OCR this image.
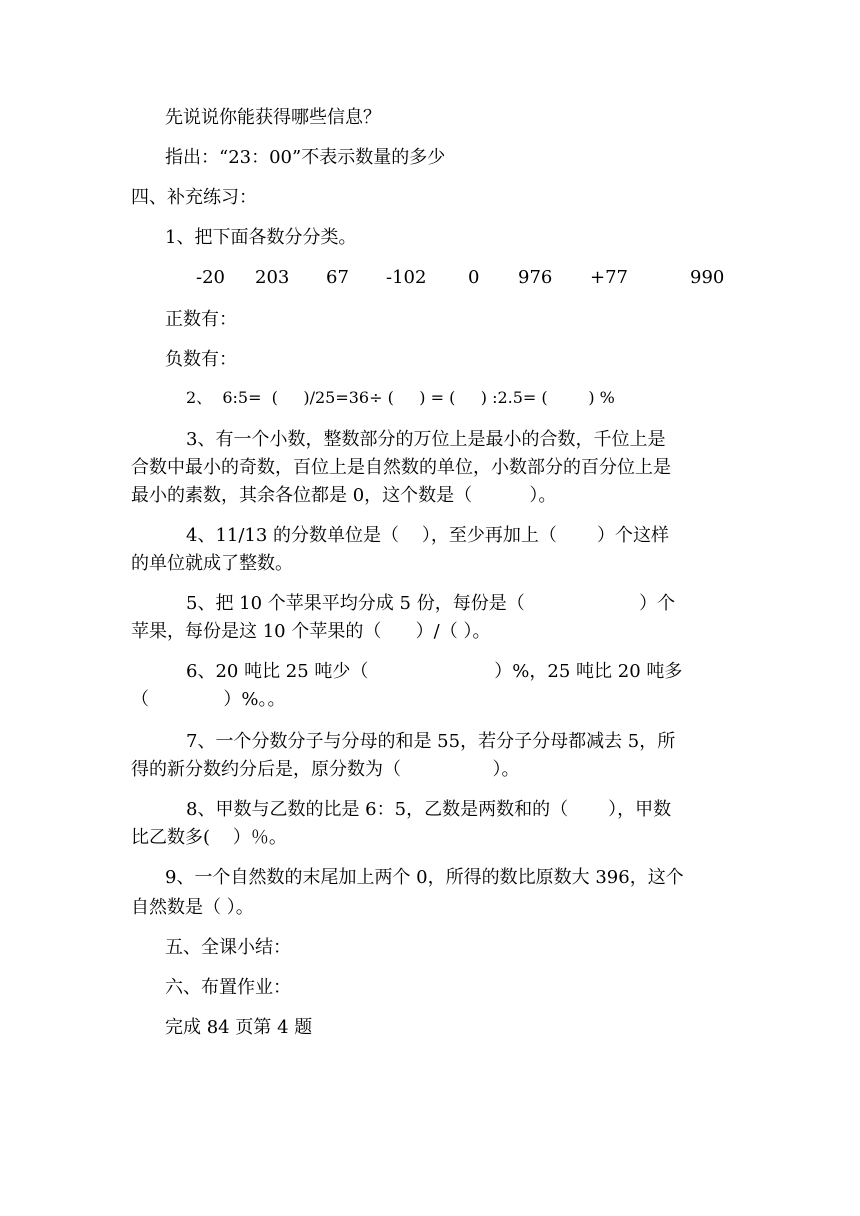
先说说你能获得哪些信息？
指出：“23：00”不表示数量的多少
四、补充练习：
1、把下面各数分分类。
-20 203 67 -102 0 976 +77	990
正数有：
负数有：
2、  6:5=  (     )/25=36÷ (     ) = (     ) :2.5= (        ) %
3、有一个小数，整数部分的万位上是最小的合数，千位上是
合数中最小的奇数，百位上是自然数的单位，小数部分的百分位上是
最小的素数，其余各位都是 0，这个数是（          ）。
4、11/13 的分数单位是（    ），至少再加上（       ）个这样
的单位就成了整数。
5、把 10 个苹果平均分成 5 份，每份是（                    ）个
苹果，每份是这 10 个苹果的（      ）/（ ）。
6、20 吨比 25 吨少（                      ）%，25 吨比 20 吨多
（             ）%。。
7、一个分数分子与分母的和是 55，若分子分母都减去 5，所
得的新分数约分后是，原分数为（                ）。
8、甲数与乙数的比是 6：5，乙数是两数和的（       ），甲数
比乙数多(    ）％。
9、一个自然数的末尾加上两个 0，所得的数比原数大 396，这个
自然数是（ ）。
五、全课小结：
六、布置作业：
完成 84 页第 4 题
